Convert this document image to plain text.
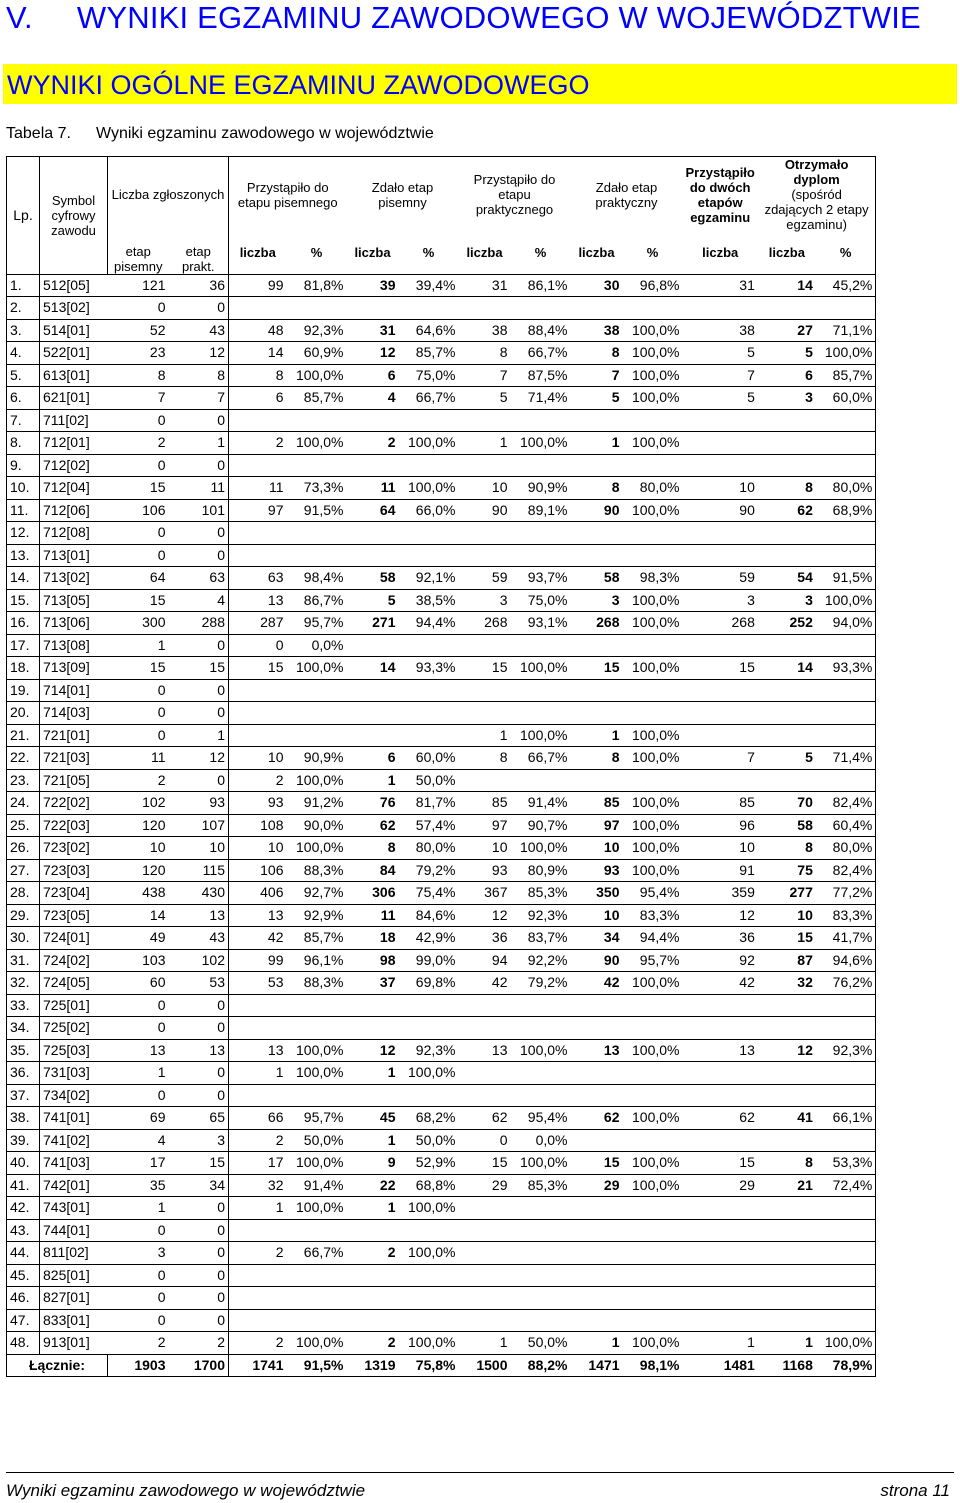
V.     WYNIKI EGZAMINU ZAWODOWEGO W WOJEWÓDZTWIE
WYNIKI OGÓLNE EGZAMINU ZAWODOWEGO
Tabela 7. Wyniki egzaminu zawodowego w województwie
Lp.	Symbol cyfrowy zawodu	Liczba zgłoszonych		Przystąpiło do etapu pisemnego		Zdało etap pisemny		Przystąpiło do etapu praktycznego		Zdało etap praktyczny		Przystąpiło do dwóch etapów egzaminu	Otrzymało dyplom
(spośród zdających 2 etapy egzaminu)	
		etap pisemny	etap prakt.	liczba	%	liczba	%	liczba	%	liczba	%	liczba	liczba	%
1.	512[05]	121	36	99	81,8%	39	39,4%	31	86,1%	30	96,8%	31	14	45,2%
2.	513[02]	0	0											
3.	514[01]	52	43	48	92,3%	31	64,6%	38	88,4%	38	100,0%	38	27	71,1%
4.	522[01]	23	12	14	60,9%	12	85,7%	8	66,7%	8	100,0%	5	5	100,0%
5.	613[01]	8	8	8	100,0%	6	75,0%	7	87,5%	7	100,0%	7	6	85,7%
6.	621[01]	7	7	6	85,7%	4	66,7%	5	71,4%	5	100,0%	5	3	60,0%
7.	711[02]	0	0											
8.	712[01]	2	1	2	100,0%	2	100,0%	1	100,0%	1	100,0%			
9.	712[02]	0	0											
10.	712[04]	15	11	11	73,3%	11	100,0%	10	90,9%	8	80,0%	10	8	80,0%
11.	712[06]	106	101	97	91,5%	64	66,0%	90	89,1%	90	100,0%	90	62	68,9%
12.	712[08]	0	0											
13.	713[01]	0	0											
14.	713[02]	64	63	63	98,4%	58	92,1%	59	93,7%	58	98,3%	59	54	91,5%
15.	713[05]	15	4	13	86,7%	5	38,5%	3	75,0%	3	100,0%	3	3	100,0%
16.	713[06]	300	288	287	95,7%	271	94,4%	268	93,1%	268	100,0%	268	252	94,0%
17.	713[08]	1	0	0	0,0%									
18.	713[09]	15	15	15	100,0%	14	93,3%	15	100,0%	15	100,0%	15	14	93,3%
19.	714[01]	0	0											
20.	714[03]	0	0											
21.	721[01]	0	1					1	100,0%	1	100,0%			
22.	721[03]	11	12	10	90,9%	6	60,0%	8	66,7%	8	100,0%	7	5	71,4%
23.	721[05]	2	0	2	100,0%	1	50,0%							
24.	722[02]	102	93	93	91,2%	76	81,7%	85	91,4%	85	100,0%	85	70	82,4%
25.	722[03]	120	107	108	90,0%	62	57,4%	97	90,7%	97	100,0%	96	58	60,4%
26.	723[02]	10	10	10	100,0%	8	80,0%	10	100,0%	10	100,0%	10	8	80,0%
27.	723[03]	120	115	106	88,3%	84	79,2%	93	80,9%	93	100,0%	91	75	82,4%
28.	723[04]	438	430	406	92,7%	306	75,4%	367	85,3%	350	95,4%	359	277	77,2%
29.	723[05]	14	13	13	92,9%	11	84,6%	12	92,3%	10	83,3%	12	10	83,3%
30.	724[01]	49	43	42	85,7%	18	42,9%	36	83,7%	34	94,4%	36	15	41,7%
31.	724[02]	103	102	99	96,1%	98	99,0%	94	92,2%	90	95,7%	92	87	94,6%
32.	724[05]	60	53	53	88,3%	37	69,8%	42	79,2%	42	100,0%	42	32	76,2%
33.	725[01]	0	0											
34.	725[02]	0	0											
35.	725[03]	13	13	13	100,0%	12	92,3%	13	100,0%	13	100,0%	13	12	92,3%
36.	731[03]	1	0	1	100,0%	1	100,0%							
37.	734[02]	0	0											
38.	741[01]	69	65	66	95,7%	45	68,2%	62	95,4%	62	100,0%	62	41	66,1%
39.	741[02]	4	3	2	50,0%	1	50,0%	0	0,0%					
40.	741[03]	17	15	17	100,0%	9	52,9%	15	100,0%	15	100,0%	15	8	53,3%
41.	742[01]	35	34	32	91,4%	22	68,8%	29	85,3%	29	100,0%	29	21	72,4%
42.	743[01]	1	0	1	100,0%	1	100,0%							
43.	744[01]	0	0											
44.	811[02]	3	0	2	66,7%	2	100,0%							
45.	825[01]	0	0											
46.	827[01]	0	0											
47.	833[01]	0	0											
48.	913[01]	2	2	2	100,0%	2	100,0%	1	50,0%	1	100,0%	1	1	100,0%
Łącznie:		1903	1700	1741	91,5%	1319	75,8%	1500	88,2%	1471	98,1%	1481	1168	78,9%
Wyniki egzaminu zawodowego w województwie	strona 11
